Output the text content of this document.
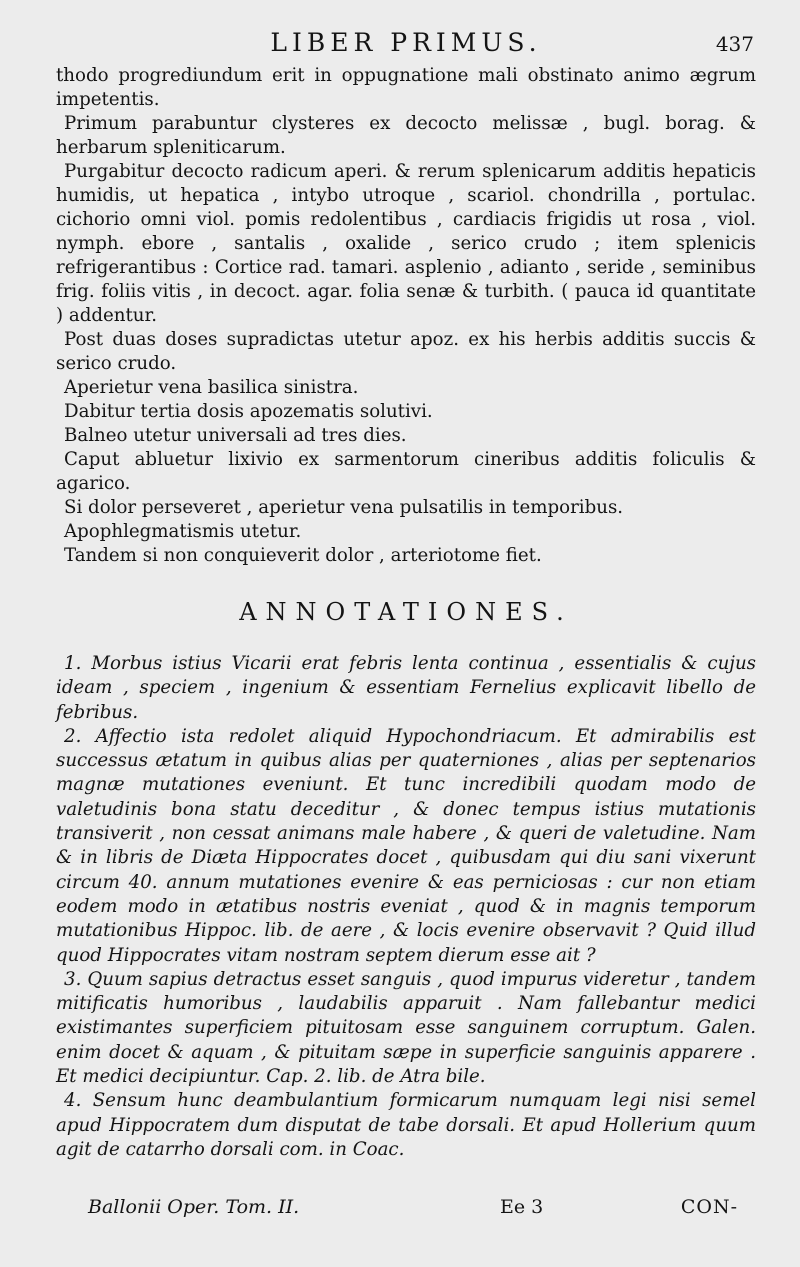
LIBER PRIMUS.	437

thodo progrediundum erit in oppugnatione mali obstinato animo ægrum impetentis.

Primum parabuntur clysteres ex decocto melissæ , bugl. borag. & herbarum spleniticarum.

Purgabitur decocto radicum aperi. & rerum splenicarum additis hepaticis humidis, ut hepatica , intybo utroque , scariol. chondrilla , portulac. cichorio omni viol. pomis redolentibus , cardiacis frigidis ut rosa , viol. nymph. ebore , santalis , oxalide , serico crudo ; item splenicis refrigerantibus : Cortice rad. tamari. asplenio , adianto , seride , seminibus frig. foliis vitis , in decoct. agar. folia senæ & turbith. ( pauca id quantitate ) addentur.

Post duas doses supradictas utetur apoz. ex his herbis additis succis & serico crudo.

Aperietur vena basilica sinistra.

Dabitur tertia dosis apozematis solutivi.

Balneo utetur universali ad tres dies.

Caput abluetur lixivio ex sarmentorum cineribus additis foliculis & agarico.

Si dolor perseveret , aperietur vena pulsatilis in temporibus.

Apophlegmatismis utetur.

Tandem si non conquieverit dolor , arteriotome fiet.

ANNOTATIONES.

1. Morbus istius Vicarii erat febris lenta continua , essentialis & cujus ideam , speciem , ingenium & essentiam Fernelius explicavit libello de febribus.

2. Affectio ista redolet aliquid Hypochondriacum. Et admirabilis est successus ætatum in quibus alias per quaterniones , alias per septenarios magnæ mutationes eveniunt. Et tunc incredibili quodam modo de valetudinis bona statu deceditur , & donec tempus istius mutationis transiverit , non cessat animans male habere , & queri de valetudine. Nam & in libris de Diæta Hippocrates docet , quibusdam qui diu sani vixerunt circum 40. annum mutationes evenire & eas perniciosas : cur non etiam eodem modo in ætatibus nostris eveniat , quod & in magnis temporum mutationibus Hippoc. lib. de aere , & locis evenire observavit ? Quid illud quod Hippocrates vitam nostram septem dierum esse ait ?

3. Quum sapius detractus esset sanguis , quod impurus videretur , tandem mitificatis humoribus , laudabilis apparuit . Nam fallebantur medici existimantes superficiem pituitosam esse sanguinem corruptum. Galen. enim docet & aquam , & pituitam sæpe in superficie sanguinis apparere . Et medici decipiuntur. Cap. 2. lib. de Atra bile.

4. Sensum hunc deambulantium formicarum numquam legi nisi semel apud Hippocratem dum disputat de tabe dorsali. Et apud Hollerium quum agit de catarrho dorsali com. in Coac.

Ballonii Oper. Tom. II.	Ee 3	CON-
